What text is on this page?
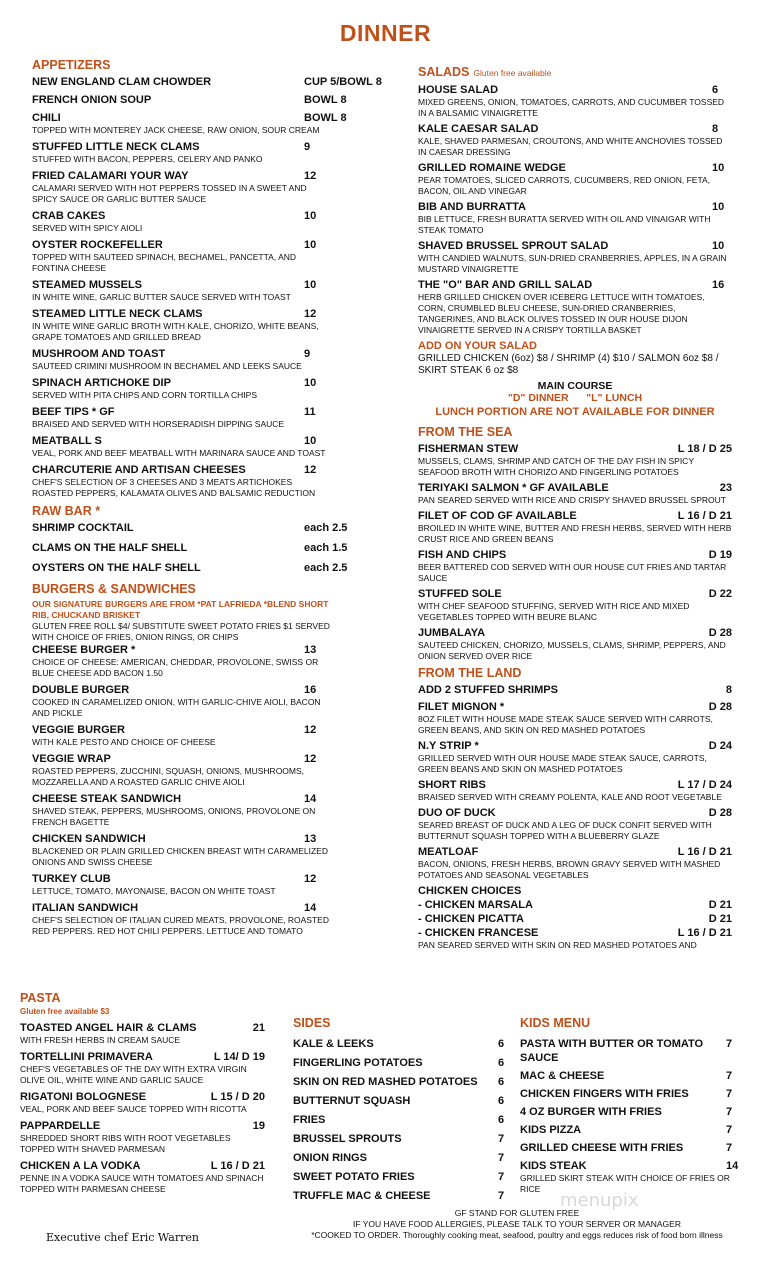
DINNER
APPETIZERS
NEW ENGLAND CLAM CHOWDER	CUP 5/BOWL 8
FRENCH ONION SOUP	BOWL 8
CHILI	BOWL 8
TOPPED WITH MONTEREY JACK CHEESE, RAW ONION, SOUR CREAM
STUFFED LITTLE NECK CLAMS	9
STUFFED WITH BACON, PEPPERS, CELERY AND PANKO
FRIED CALAMARI YOUR WAY	12
CALAMARI SERVED WITH HOT PEPPERS TOSSED IN A SWEET AND SPICY SAUCE OR GARLIC BUTTER SAUCE
CRAB CAKES	10
SERVED WITH SPICY AIOLI
OYSTER ROCKEFELLER	10
TOPPED WITH SAUTEED SPINACH, BECHAMEL, PANCETTA, AND FONTINA CHEESE
STEAMED MUSSELS	10
IN WHITE WINE, GARLIC BUTTER SAUCE SERVED WITH TOAST
STEAMED LITTLE NECK CLAMS	12
IN WHITE WINE GARLIC BROTH WITH KALE, CHORIZO, WHITE BEANS, GRAPE TOMATOES AND GRILLED BREAD
MUSHROOM AND TOAST	9
SAUTEED CRIMINI MUSHROOM IN BECHAMEL AND LEEKS SAUCE
SPINACH ARTICHOKE DIP	10
SERVED WITH PITA CHIPS AND CORN TORTILLA CHIPS
BEEF TIPS * GF	11
BRAISED AND SERVED WITH HORSERADISH DIPPING SAUCE
MEATBALL S	10
VEAL, PORK AND BEEF MEATBALL WITH MARINARA SAUCE AND TOAST
CHARCUTERIE AND ARTISAN CHEESES	12
CHEF'S SELECTION OF 3 CHEESES AND 3 MEATS ARTICHOKES ROASTED PEPPERS, KALAMATA OLIVES AND BALSAMIC REDUCTION
RAW BAR *
SHRIMP COCKTAIL	each 2.5
CLAMS ON THE HALF SHELL	each 1.5
OYSTERS ON THE HALF SHELL	each 2.5
BURGERS & SANDWICHES
OUR SIGNATURE BURGERS ARE FROM *PAT LAFRIEDA *BLEND SHORT RIB, CHUCKAND BRISKET
GLUTEN FREE ROLL $4/ SUBSTITUTE SWEET POTATO FRIES $1 SERVED WITH CHOICE OF FRIES, ONION RINGS, OR CHIPS
CHEESE BURGER *	13
CHOICE OF CHEESE: AMERICAN, CHEDDAR, PROVOLONE, SWISS OR BLUE CHEESE ADD BACON 1.50
DOUBLE BURGER	16
COOKED IN CARAMELIZED ONION, WITH GARLIC-CHIVE AIOLI, BACON AND PICKLE
VEGGIE BURGER	12
WITH KALE PESTO AND CHOICE OF CHEESE
VEGGIE WRAP	12
ROASTED PEPPERS, ZUCCHINI, SQUASH, ONIONS, MUSHROOMS, MOZZARELLA AND A ROASTED GARLIC CHIVE AIOLI
CHEESE STEAK SANDWICH	14
SHAVED STEAK, PEPPERS, MUSHROOMS, ONIONS, PROVOLONE ON FRENCH BAGETTE
CHICKEN SANDWICH	13
BLACKENED OR PLAIN GRILLED CHICKEN BREAST WITH CARAMELIZED ONIONS AND SWISS CHEESE
TURKEY CLUB	12
LETTUCE, TOMATO, MAYONAISE, BACON ON WHITE TOAST
ITALIAN SANDWICH	14
CHEF'S SELECTION OF ITALIAN CURED MEATS, PROVOLONE, ROASTED RED PEPPERS. RED HOT CHILI PEPPERS. LETTUCE AND TOMATO
PASTA
Gluten free available $3
TOASTED ANGEL HAIR & CLAMS	21
WITH FRESH HERBS IN CREAM SAUCE
TORTELLINI PRIMAVERA	L 14/ D 19
CHEF'S VEGETABLES OF THE DAY WITH EXTRA VIRGIN OLIVE OIL, WHITE WINE AND GARLIC SAUCE
RIGATONI BOLOGNESE	L 15 / D 20
VEAL, PORK AND BEEF SAUCE TOPPED WITH RICOTTA
PAPPARDELLE	19
SHREDDED SHORT RIBS WITH ROOT VEGETABLES TOPPED WITH SHAVED PARMESAN
CHICKEN A LA VODKA	L 16 / D 21
PENNE IN A VODKA SAUCE WITH TOMATOES AND SPINACH TOPPED WITH PARMESAN CHEESE
SALADS Gluten free available
HOUSE SALAD	6
MIXED GREENS, ONION, TOMATOES, CARROTS, AND CUCUMBER TOSSED IN A BALSAMIC VINAIGRETTE
KALE CAESAR SALAD	8
KALE, SHAVED PARMESAN, CROUTONS, AND WHITE ANCHOVIES TOSSED IN CAESAR DRESSING
GRILLED ROMAINE WEDGE	10
PEAR TOMATOES, SLICED CARROTS, CUCUMBERS, RED ONION, FETA, BACON, OIL AND VINEGAR
BIB AND BURRATTA	10
BIB LETTUCE, FRESH BURATTA SERVED WITH OIL AND VINAIGAR WITH STEAK TOMATO
SHAVED BRUSSEL SPROUT SALAD	10
WITH CANDIED WALNUTS, SUN-DRIED CRANBERRIES, APPLES, IN A GRAIN MUSTARD VINAIGRETTE
THE "O" BAR AND GRILL SALAD	16
HERB GRILLED CHICKEN OVER ICEBERG LETTUCE WITH TOMATOES, CORN, CRUMBLED BLEU CHEESE, SUN-DRIED CRANBERRIES, TANGERINES, AND BLACK OLIVES TOSSED IN OUR HOUSE DIJON VINAIGRETTE SERVED IN A CRISPY TORTILLA BASKET
ADD ON YOUR SALAD
GRILLED CHICKEN (6oz) $8 / SHRIMP (4) $10 / SALMON 6oz $8 / SKIRT STEAK 6 oz $8
MAIN COURSE
"D" DINNER "L" LUNCH
LUNCH PORTION ARE NOT AVAILABLE FOR DINNER
FROM THE SEA
FISHERMAN STEW	L 18 / D 25
MUSSELS, CLAMS, SHRIMP AND CATCH OF THE DAY FISH IN SPICY SEAFOOD BROTH WITH CHORIZO AND FINGERLING POTATOES
TERIYAKI SALMON * GF AVAILABLE	23
PAN SEARED SERVED WITH RICE AND CRISPY SHAVED BRUSSEL SPROUT
FILET OF COD GF AVAILABLE	L 16 / D 21
BROILED IN WHITE WINE, BUTTER AND FRESH HERBS, SERVED WITH HERB CRUST RICE AND GREEN BEANS
FISH AND CHIPS	D 19
BEER BATTERED COD SERVED WITH OUR HOUSE CUT FRIES AND TARTAR SAUCE
STUFFED SOLE	D 22
WITH CHEF SEAFOOD STUFFING, SERVED WITH RICE AND MIXED VEGETABLES TOPPED WITH BEURE BLANC
JUMBALAYA	D 28
SAUTEED CHICKEN, CHORIZO, MUSSELS, CLAMS, SHRIMP, PEPPERS, AND ONION SERVED OVER RICE
FROM THE LAND
ADD 2 STUFFED SHRIMPS	8
FILET MIGNON *	D 28
8OZ FILET WITH HOUSE MADE STEAK SAUCE SERVED WITH CARROTS, GREEN BEANS, AND SKIN ON RED MASHED POTATOES
N.Y STRIP *	D 24
GRILLED SERVED WITH OUR HOUSE MADE STEAK SAUCE, CARROTS, GREEN BEANS AND SKIN ON MASHED POTATOES
SHORT RIBS	L 17 / D 24
BRAISED SERVED WITH CREAMY POLENTA, KALE AND ROOT VEGETABLE
DUO OF DUCK	D 28
SEARED BREAST OF DUCK AND A LEG OF DUCK CONFIT SERVED WITH BUTTERNUT SQUASH TOPPED WITH A BLUEBERRY GLAZE
MEATLOAF	L 16 / D 21
BACON, ONIONS, FRESH HERBS, BROWN GRAVY SERVED WITH MASHED POTATOES AND SEASONAL VEGETABLES
CHICKEN CHOICES
- CHICKEN MARSALA	D 21
- CHICKEN PICATTA	D 21
- CHICKEN FRANCESE	L 16 / D 21
PAN SEARED SERVED WITH SKIN ON RED MASHED POTATOES AND
SIDES
KALE & LEEKS	6
FINGERLING POTATOES	6
SKIN ON RED MASHED POTATOES 6
BUTTERNUT SQUASH	6
FRIES	6
BRUSSEL SPROUTS	7
ONION RINGS	7
SWEET POTATO FRIES	7
TRUFFLE MAC & CHEESE	7
KIDS MENU
PASTA WITH BUTTER OR TOMATO SAUCE
7
MAC & CHEESE	7
CHICKEN FINGERS WITH FRIES	7
4 OZ BURGER WITH FRIES	7
KIDS PIZZA	7
GRILLED CHEESE WITH FRIES	7
KIDS STEAK	14
GRILLED SKIRT STEAK WITH CHOICE OF FRIES OR RICE
menupix
GF STAND FOR GLUTEN FREE
IF YOU HAVE FOOD ALLERGIES, PLEASE TALK TO YOUR SERVER OR MANAGER
*COOKED TO ORDER. Thoroughly cooking meat, seafood, poultry and eggs reduces risk of food born illness
Executive chef Eric Warren
